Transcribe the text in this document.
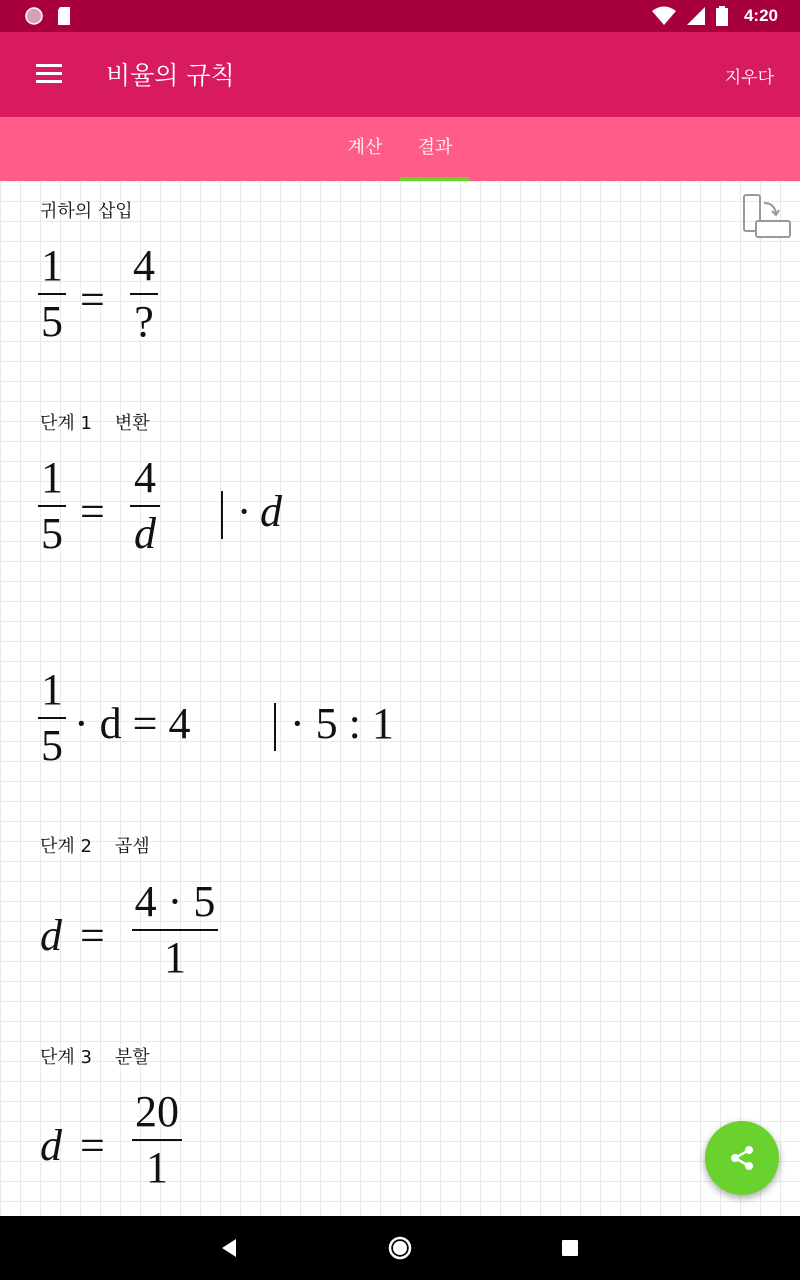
4:20
비율의 규칙	지우다
계산	결과
귀하의 삽입
1
5 =
4
?
단계 1    변환
1
5 =
4
d · d
1
5 · d = 4 · 5 : 1
단계 2    곱셈
d =
4 · 5
1
단계 3    분할
d =
20
1
